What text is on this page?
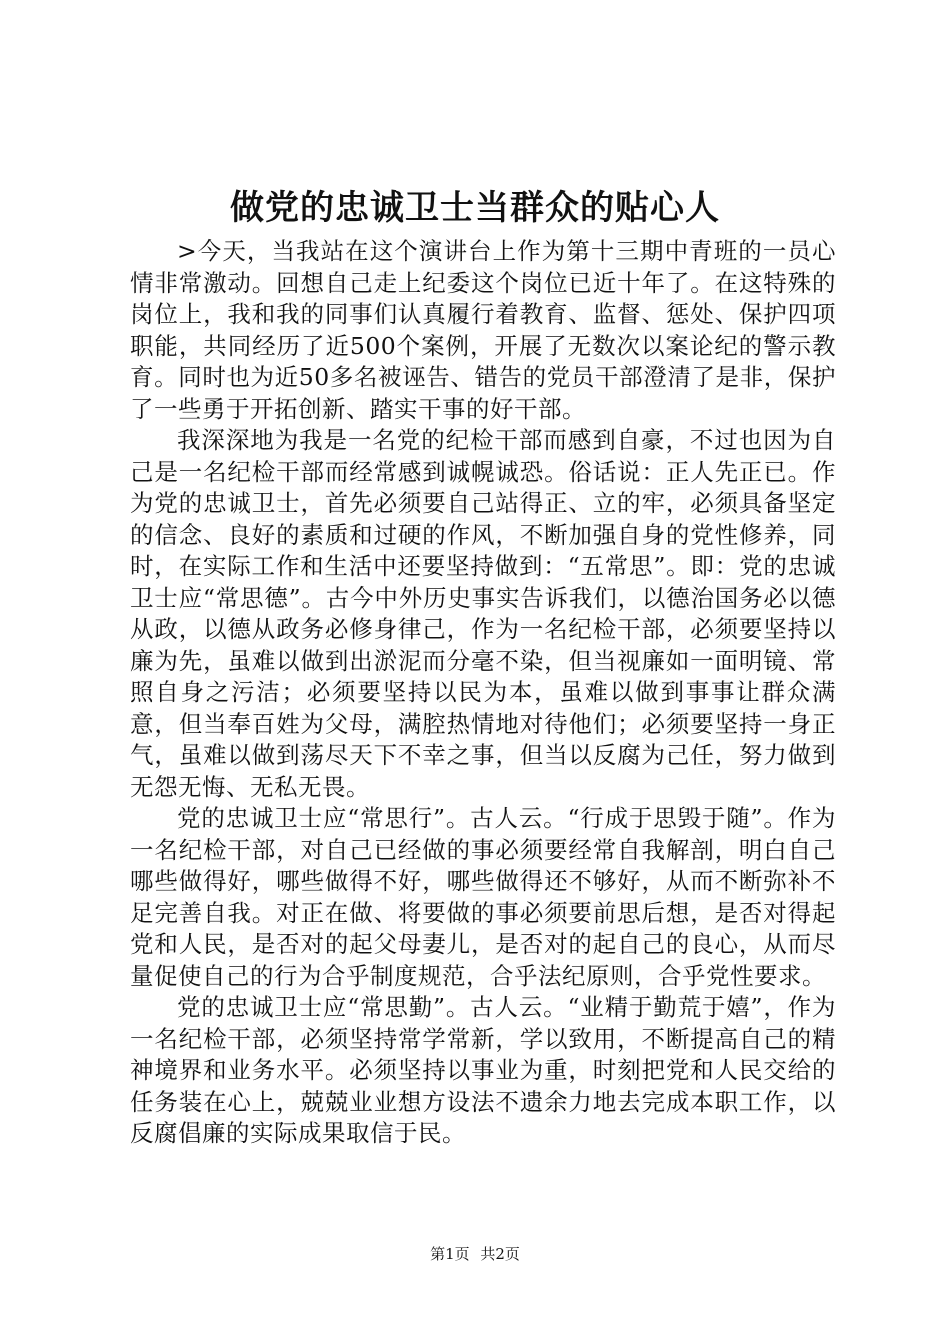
做党的忠诚卫士当群众的贴心人

>今天，当我站在这个演讲台上作为第十三期中青班的一员心情非常激动。回想自己走上纪委这个岗位已近十年了。在这特殊的岗位上，我和我的同事们认真履行着教育、监督、惩处、保护四项职能，共同经历了近500个案例，开展了无数次以案论纪的警示教育。同时也为近50多名被诬告、错告的党员干部澄清了是非，保护了一些勇于开拓创新、踏实干事的好干部。

我深深地为我是一名党的纪检干部而感到自豪，不过也因为自己是一名纪检干部而经常感到诚幌诚恐。俗话说：正人先正已。作为党的忠诚卫士，首先必须要自己站得正、立的牢，必须具备坚定的信念、良好的素质和过硬的作风，不断加强自身的党性修养，同时，在实际工作和生活中还要坚持做到：“五常思”。即：党的忠诚卫士应“常思德”。古今中外历史事实告诉我们，以德治国务必以德从政，以德从政务必修身律己，作为一名纪检干部，必须要坚持以廉为先，虽难以做到出淤泥而分毫不染，但当视廉如一面明镜、常照自身之污洁；必须要坚持以民为本，虽难以做到事事让群众满意，但当奉百姓为父母，满腔热情地对待他们；必须要坚持一身正气，虽难以做到荡尽天下不幸之事，但当以反腐为己任，努力做到无怨无悔、无私无畏。

党的忠诚卫士应“常思行”。古人云。“行成于思毁于随”。作为一名纪检干部，对自己已经做的事必须要经常自我解剖，明白自己哪些做得好，哪些做得不好，哪些做得还不够好，从而不断弥补不足完善自我。对正在做、将要做的事必须要前思后想，是否对得起党和人民，是否对的起父母妻儿，是否对的起自己的良心，从而尽量促使自己的行为合乎制度规范，合乎法纪原则，合乎党性要求。

党的忠诚卫士应“常思勤”。古人云。“业精于勤荒于嬉”，作为一名纪检干部，必须坚持常学常新，学以致用，不断提高自己的精神境界和业务水平。必须坚持以事业为重，时刻把党和人民交给的任务装在心上，兢兢业业想方设法不遗余力地去完成本职工作，以反腐倡廉的实际成果取信于民。

第1页 共2页
